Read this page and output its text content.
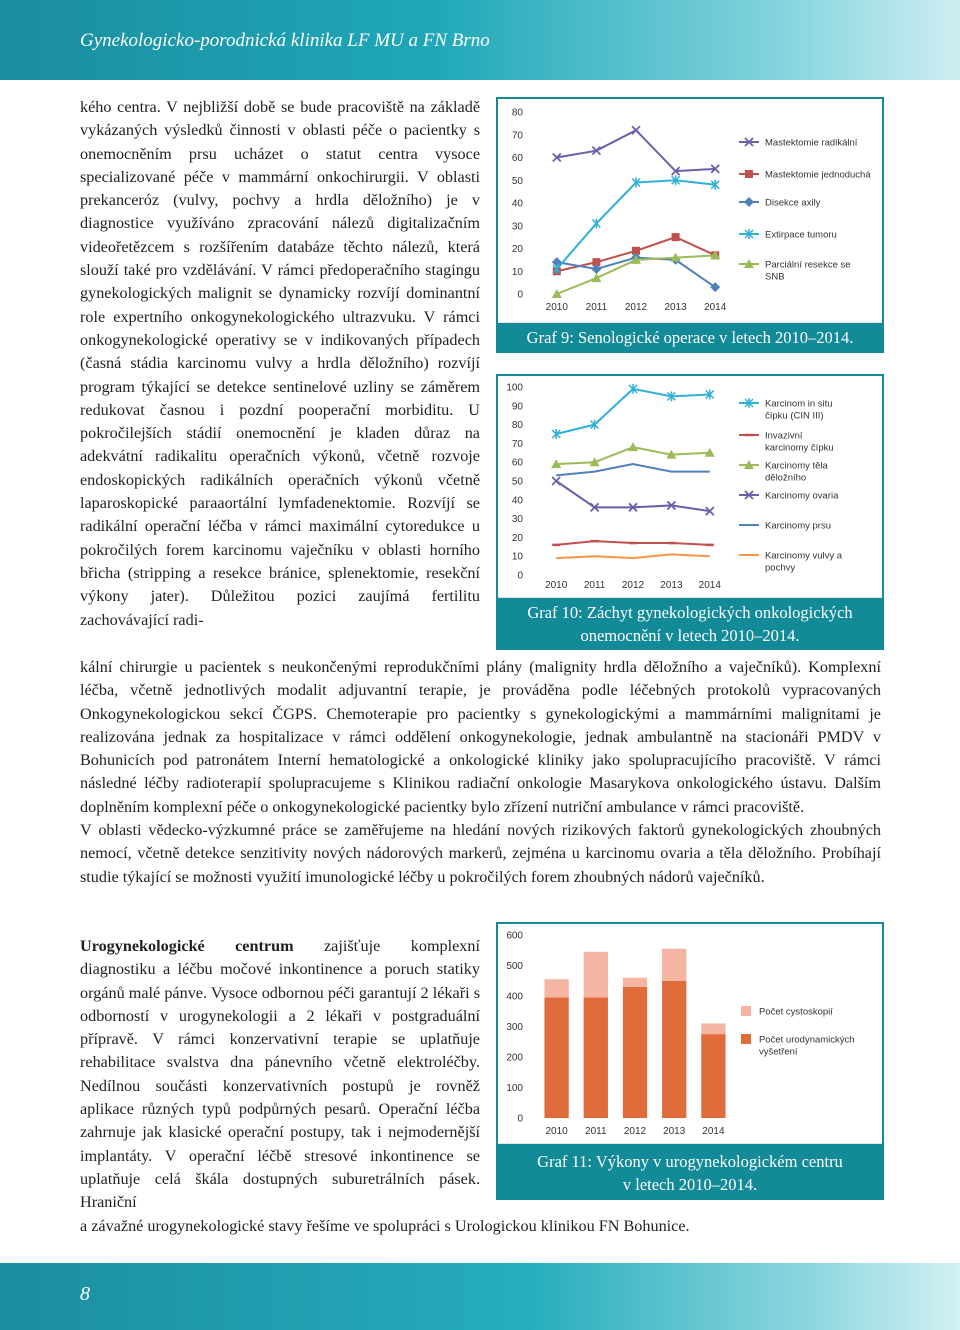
Gynekologicko-porodnická klinika LF MU a FN Brno

kého centra. V nejbližší době se bude pracoviště na základě vykázaných výsledků činnosti v oblasti péče o pacientky s onemocněním prsu ucházet o statut centra vysoce specializované péče v mammární onkochirurgii. V oblasti prekanceróz (vulvy, pochvy a hrdla děložního) je v diagnostice využíváno zpracování nálezů digitalizačním videořetězcem s rozšířením databáze těchto nálezů, která slouží také pro vzdělávání. V rámci předoperačního stagingu gynekologických malignit se dynamicky rozvíjí dominantní role expertního onkogynekologického ultrazvuku. V rámci onkogynekologické operativy se v indikovaných případech (časná stádia karcinomu vulvy a hrdla děložního) rozvíjí program týkající se detekce sentinelové uzliny se záměrem redukovat časnou i pozdní pooperační morbiditu. U pokročilejších stádií onemocnění je kladen důraz na adekvátní radikalitu operačních výkonů, včetně rozvoje endoskopických radikálních operačních výkonů včetně laparoskopické paraaortální lymfadenektomie. Rozvíjí se radikální operační léčba v rámci maximální cytoredukce u pokročilých forem karcinomu vaječníku v oblasti horního břicha (stripping a resekce bránice, splenektomie, resekční výkony jater). Důležitou pozici zaujímá fertilitu zachovávající radi-

kální chirurgie u pacientek s neukončenými reprodukčními plány (malignity hrdla děložního a vaječníků). Komplexní léčba, včetně jednotlivých modalit adjuvantní terapie, je prováděna podle léčebných protokolů vypracovaných Onkogynekologickou sekcí ČGPS. Chemoterapie pro pacientky s gynekologickými a mammárními malignitami je realizována jednak za hospitalizace v rámci oddělení onkogynekologie, jednak ambulantně na stacionáři PMDV v Bohunicích pod patronátem Interní hematologické a onkologické kliniky jako spolupracujícího pracoviště. V rámci následné léčby radioterapií spolupracujeme s Klinikou radiační onkologie Masarykova onkologického ústavu. Dalším doplněním komplexní péče o onkogynekologické pacientky bylo zřízení nutriční ambulance v rámci pracoviště.

V oblasti vědecko-výzkumné práce se zaměřujeme na hledání nových rizikových faktorů gynekologických zhoubných nemocí, včetně detekce senzitivity nových nádorových markerů, zejména u karcinomu ovaria a těla děložního. Probíhají studie týkající se možnosti využití imunologické léčby u pokročilých forem zhoubných nádorů vaječníků.

Urogynekologické centrum zajišťuje komplexní diagnostiku a léčbu močové inkontinence a poruch statiky orgánů malé pánve. Vysoce odbornou péči garantují 2 lékaři s odborností v urogynekologii a 2 lékaři v postgraduální přípravě. V rámci konzervativní terapie se uplatňuje rehabilitace svalstva dna pánevního včetně elektroléčby. Nedílnou součásti konzervativních postupů je rovněž aplikace různých typů podpůrných pesarů. Operační léčba zahrnuje jak klasické operační postupy, tak i nejmodernější implantáty. V operační léčbě stresové inkontinence se uplatňuje celá škála dostupných suburetrálních pásek. Hraniční

a závažné urogynekologické stavy řešíme ve spolupráci s Urologickou klinikou FN Bohunice.

0
10
20
30
40
50
60
70
80
2010 2011 2012 2013 2014
Mastektomie radikální
Mastektomie jednoduchá
Disekce axily
Extirpace tumoru
Parciální resekce se
SNB
Graf 9: Senologické operace v letech 2010–2014.
0
10
20
30
40
50
60
70
80
90
100
2010 2011 2012 2013 2014
Karcinom in situ
čípku (CIN III)
Invazivní
karcinomy čípku
Karcinomy těla
děložního
Karcinomy ovaria
Karcinomy prsu
Karcinomy vulvy a
pochvy
Graf 10: Záchyt gynekologických onkologických
onemocnění v letech 2010–2014.
0
100
200
300
400
500
600
2010 2011 2012 2013 2014
Počet cystoskopií
Počet urodynamických
vyšetření
Graf 11: Výkony v urogynekologickém centru
v letech 2010–2014.
8
